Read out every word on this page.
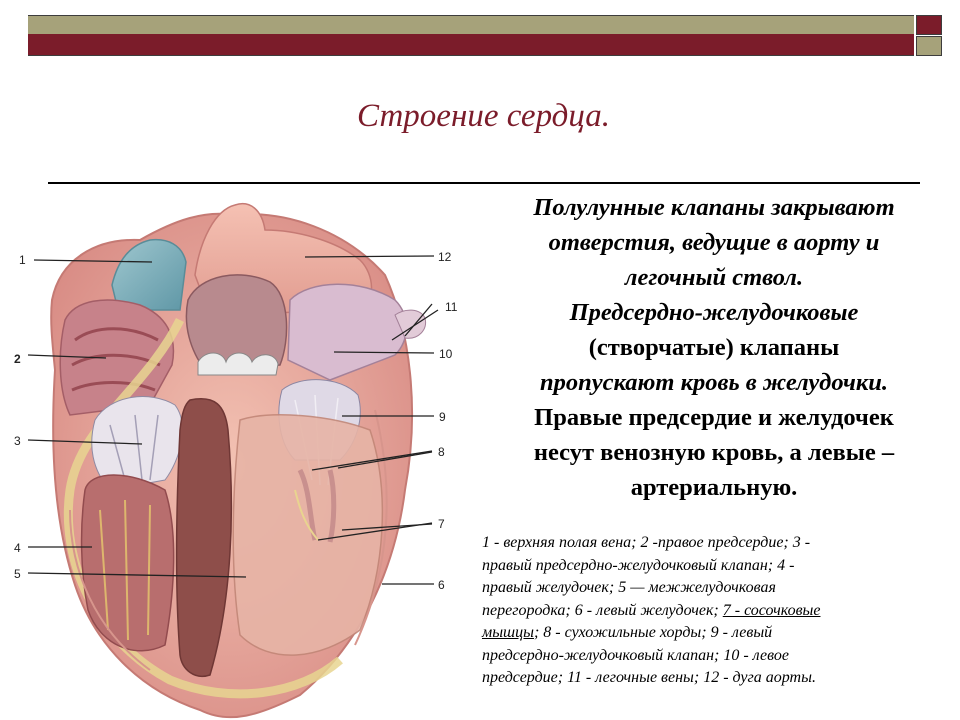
Строение сердца.
1
2
3
4
5
12
11
10
9
8
7
6
Полулунные клапаны закрывают
отверстия, ведущие в аорту и
легочный ствол.
Предсердно-желудочковые
(створчатые) клапаны
пропускают кровь в желудочки.
Правые предсердие и желудочек
несут венозную кровь, а левые –
артериальную.
1 - верхняя полая вена; 2 -правое предсердие; 3 -
правый предсердно-желудочковый клапан; 4 -
правый желудочек; 5 — межжелудочковая
перегородка; 6 - левый желудочек; 7 - сосочковые
мышцы; 8 - сухожильные хорды; 9 - левый
предсердно-желудочковый клапан; 10 - левое
предсердие; 11 - легочные вены; 12 - дуга аорты.
